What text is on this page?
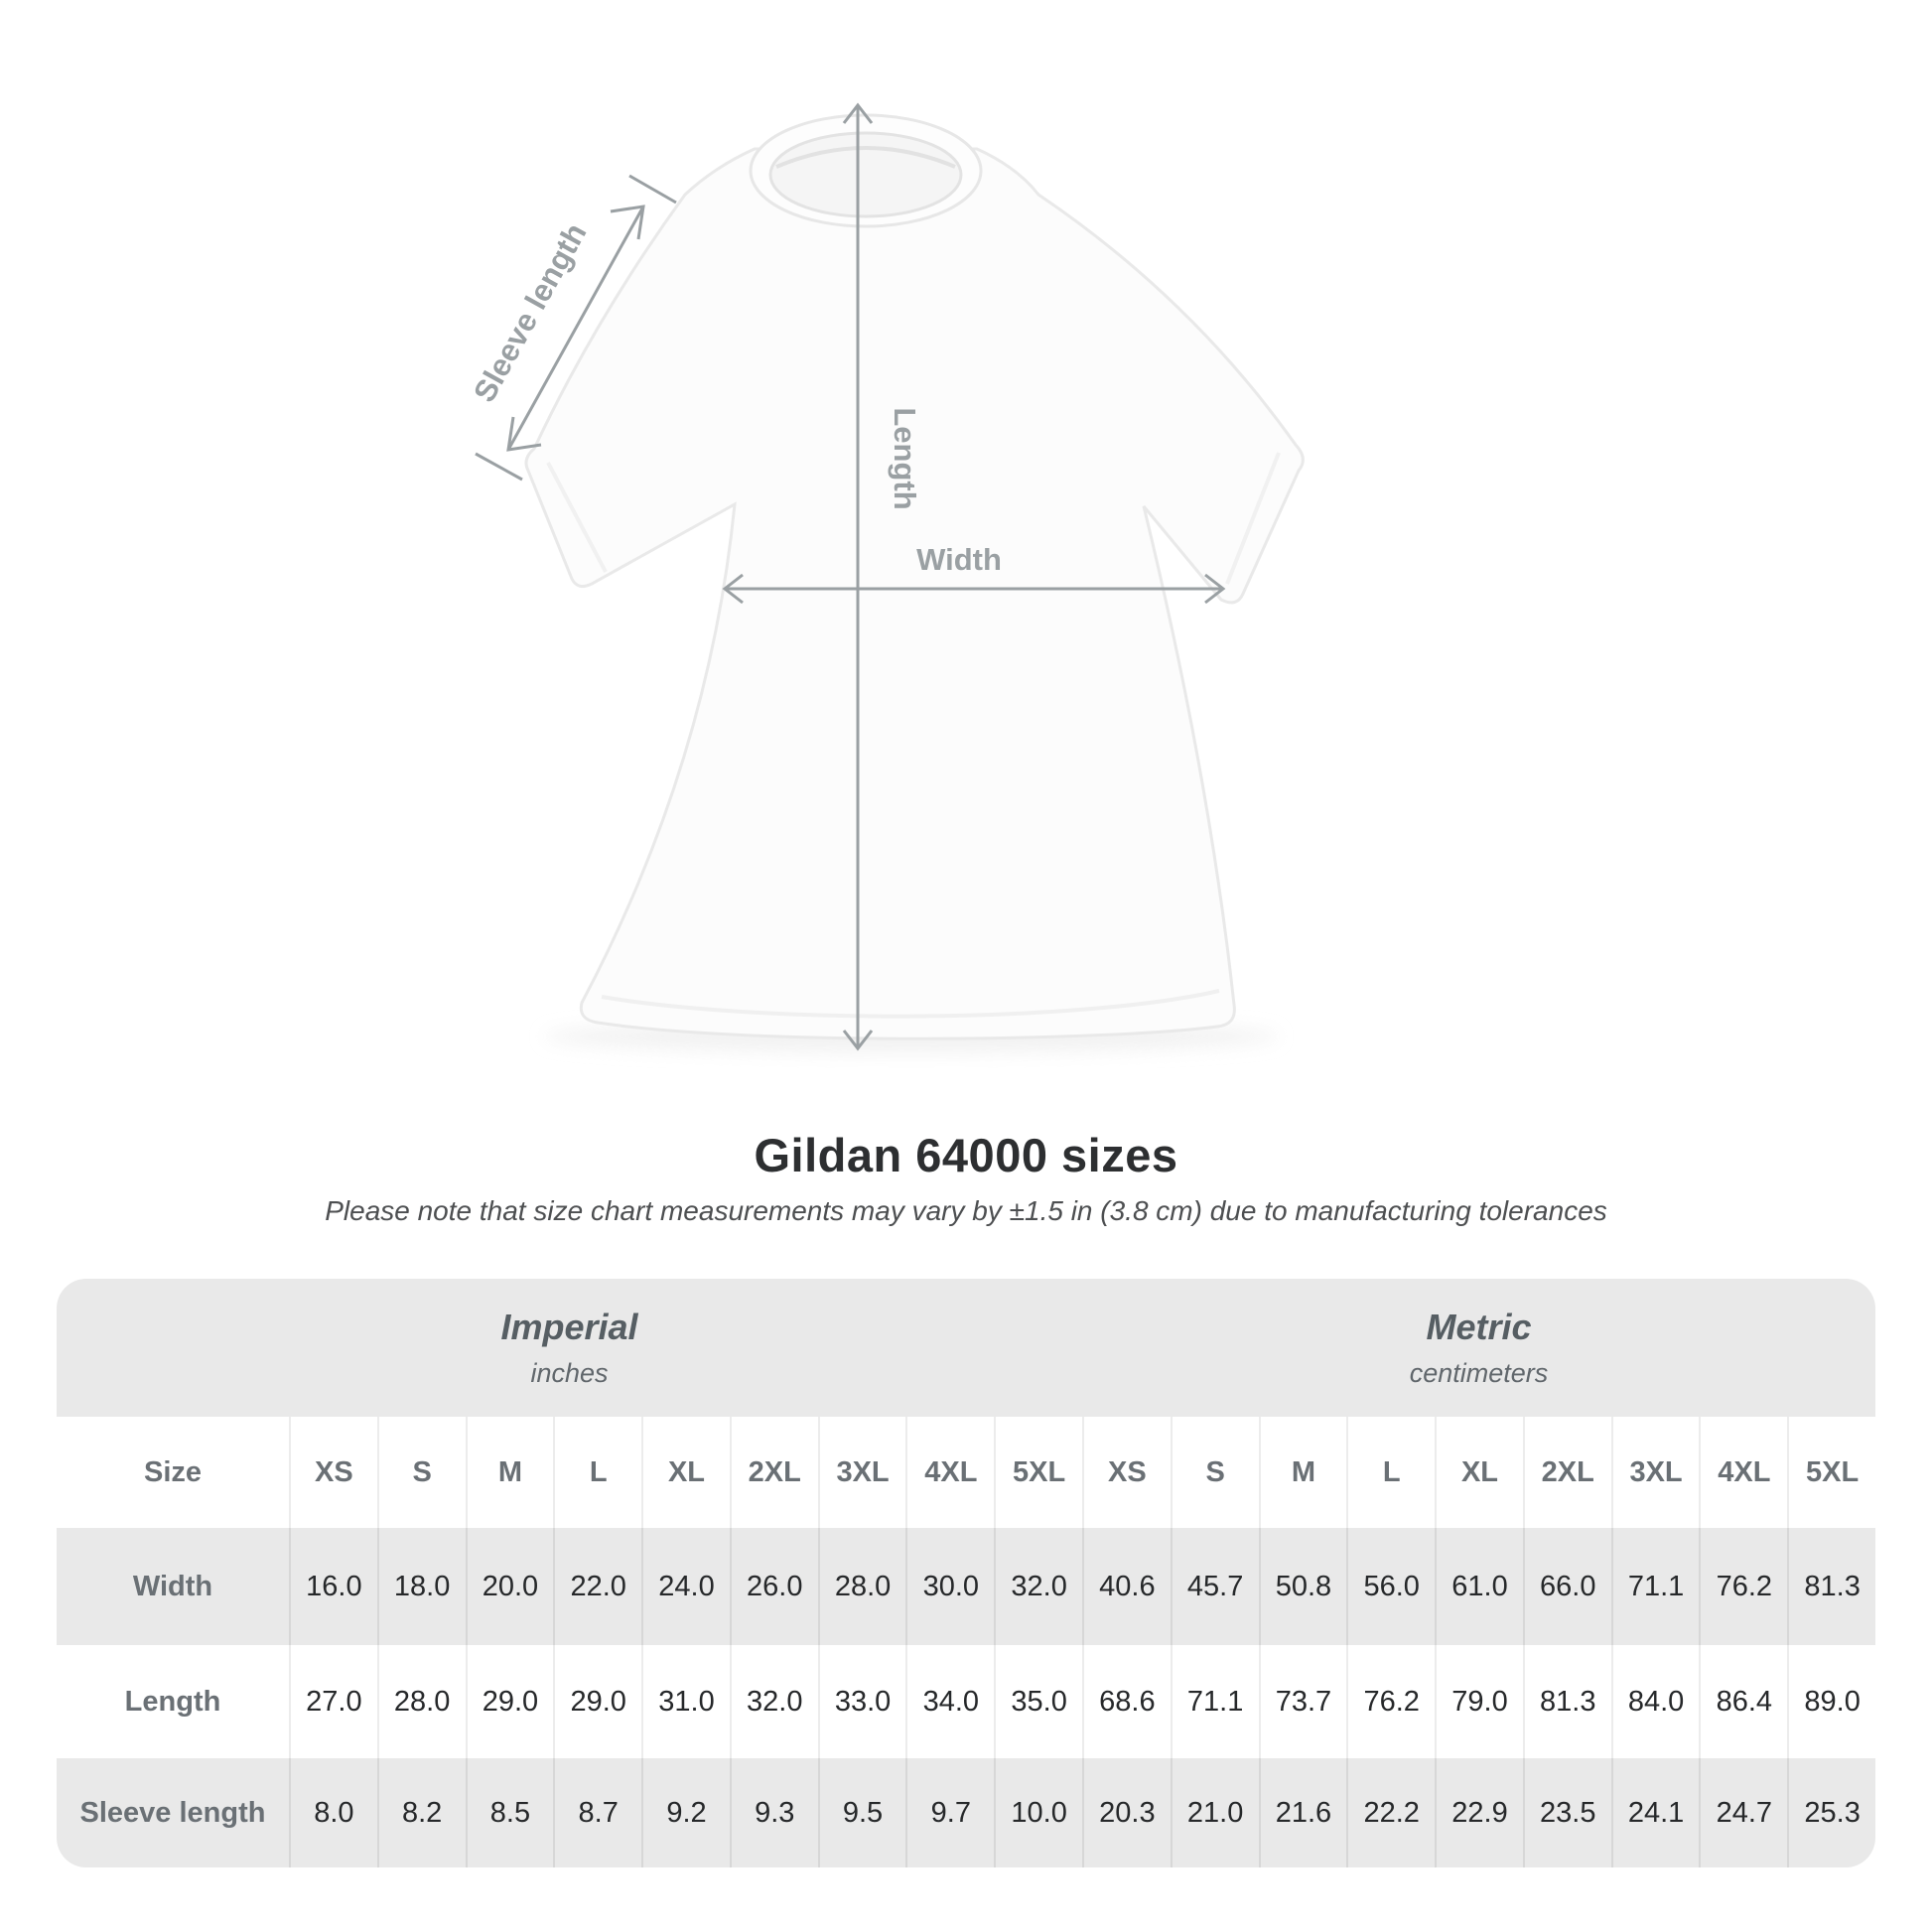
Length
Width
Sleeve length
Gildan 64000 sizes
Please note that size chart measurements may vary by ±1.5 in (3.8 cm) due to manufacturing tolerances
Imperial
inches
Metric
centimeters
Size	XS	S	M	L	XL	2XL	3XL	4XL	5XL	XS	S	M	L	XL	2XL	3XL	4XL	5XL
Width	16.0	18.0	20.0	22.0	24.0	26.0	28.0	30.0	32.0	40.6	45.7	50.8	56.0	61.0	66.0	71.1	76.2	81.3
Length	27.0	28.0	29.0	29.0	31.0	32.0	33.0	34.0	35.0	68.6	71.1	73.7	76.2	79.0	81.3	84.0	86.4	89.0
Sleeve length	8.0	8.2	8.5	8.7	9.2	9.3	9.5	9.7	10.0	20.3	21.0	21.6	22.2	22.9	23.5	24.1	24.7	25.3
